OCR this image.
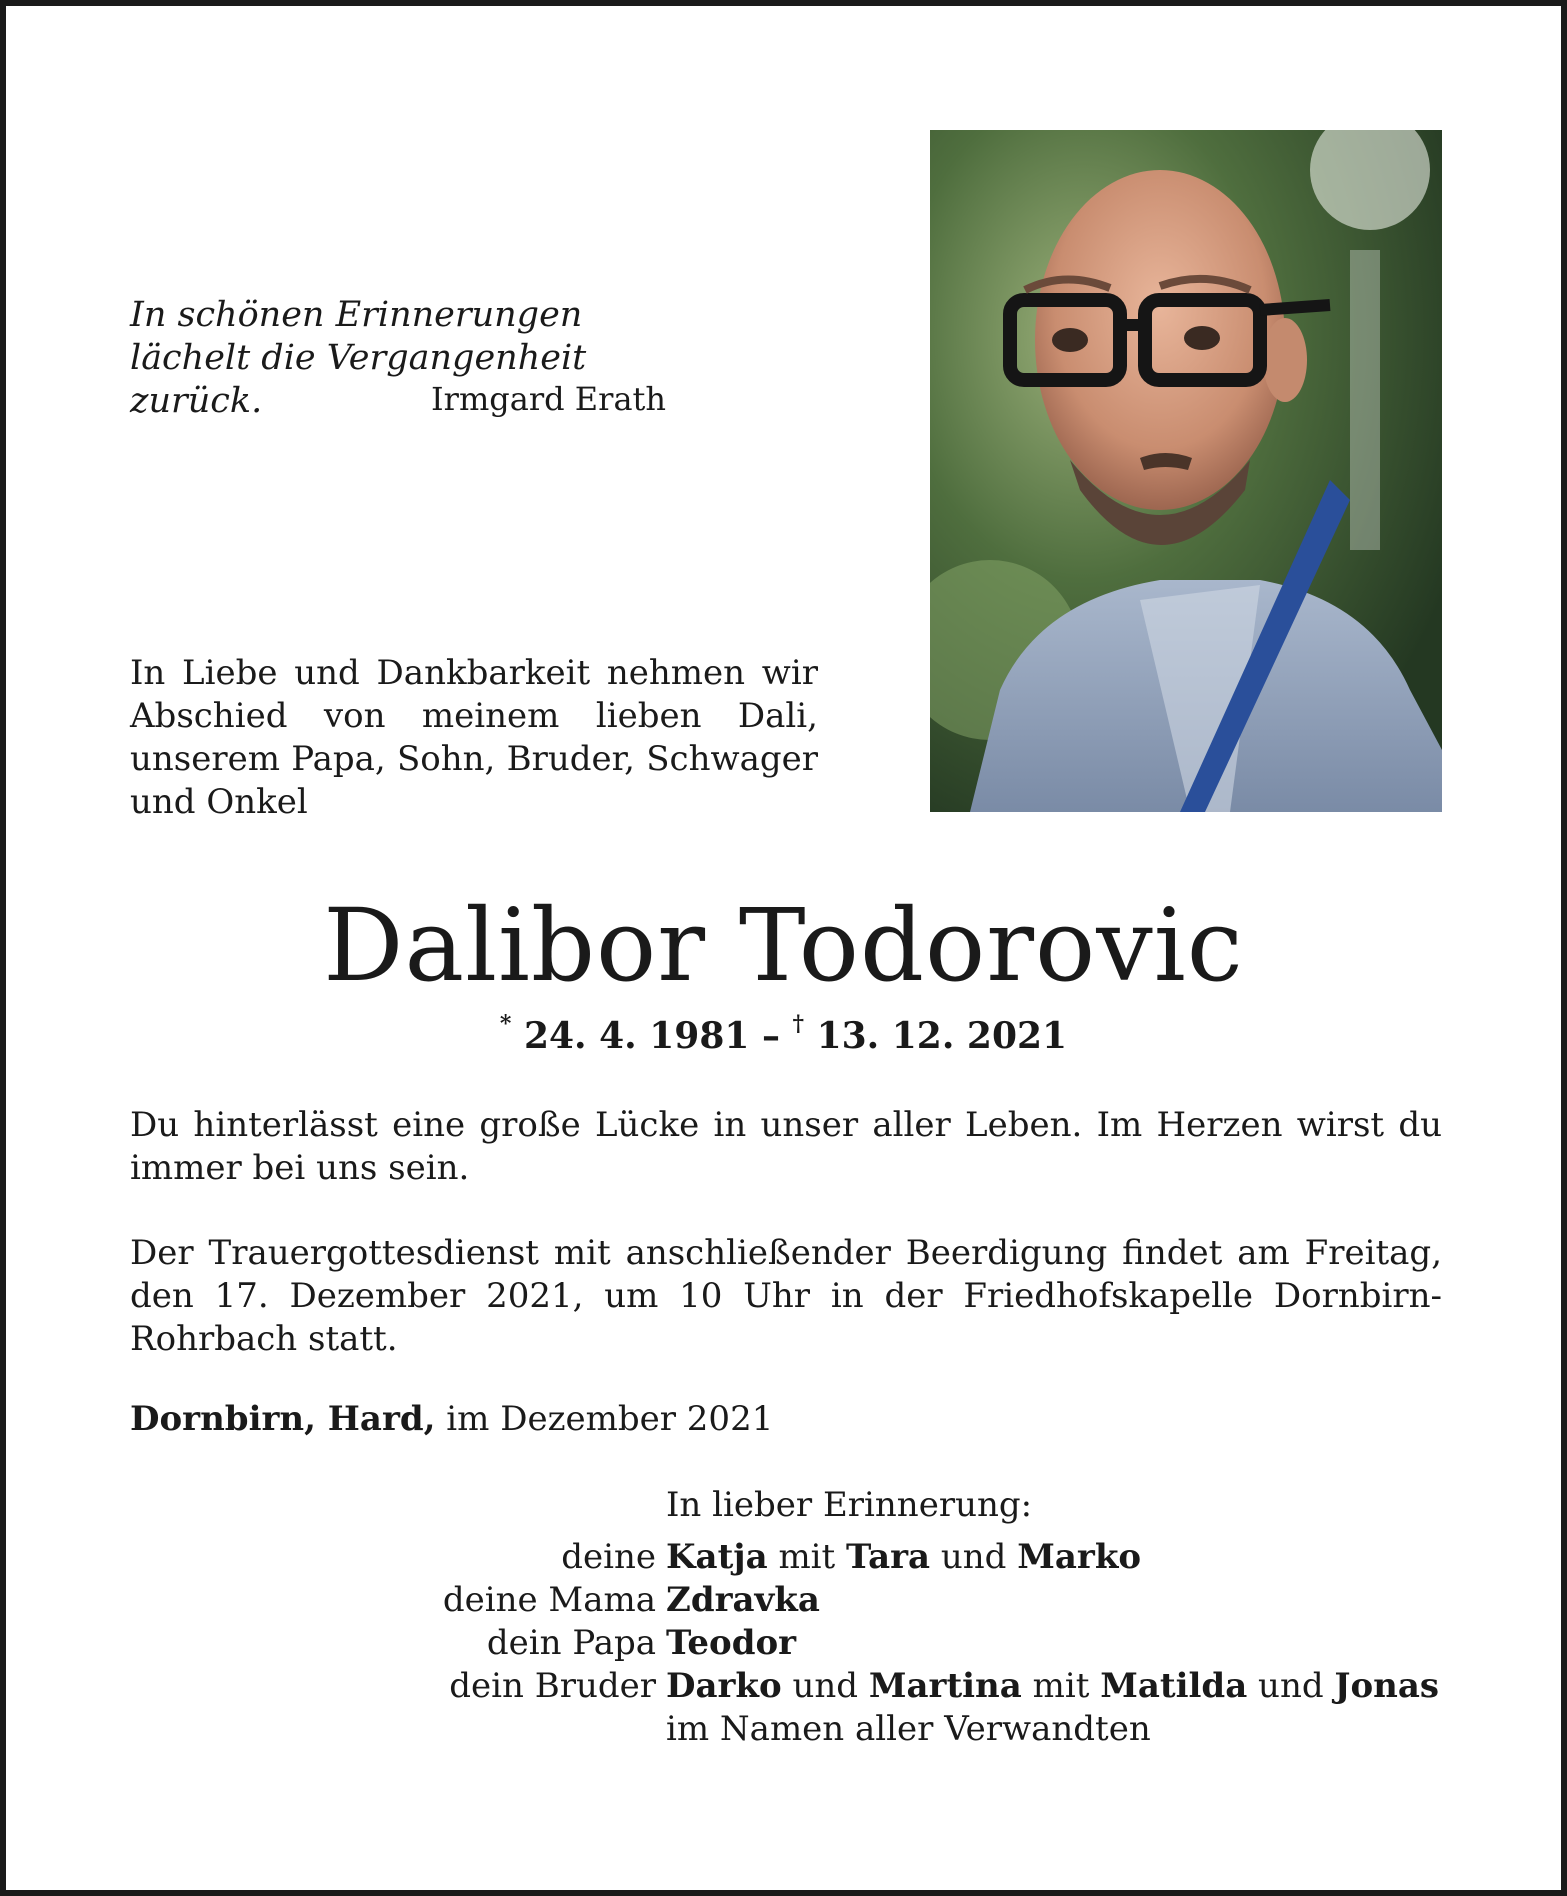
In schönen Erinnerungen
lächelt die Vergangenheit zurück.	Irmgard Erath
In Liebe und Dankbarkeit nehmen wir Abschied von meinem lieben Dali, unserem Papa, Sohn, Bruder, Schwager und Onkel
Dalibor Todorovic
* 24. 4. 1981 – † 13. 12. 2021
Du hinterlässt eine große Lücke in unser aller Leben. Im Herzen wirst du immer bei uns sein.
Der Trauergottesdienst mit anschließender Beerdigung findet am Freitag, den 17. Dezember 2021, um 10 Uhr in der Friedhofskapelle Dornbirn-Rohrbach statt.
Dornbirn, Hard, im Dezember 2021
In lieber Erinnerung:
deine Katja mit Tara und Marko
deine Mama Zdravka
dein Papa Teodor
dein Bruder Darko und Martina mit Matilda und Jonas
im Namen aller Verwandten
